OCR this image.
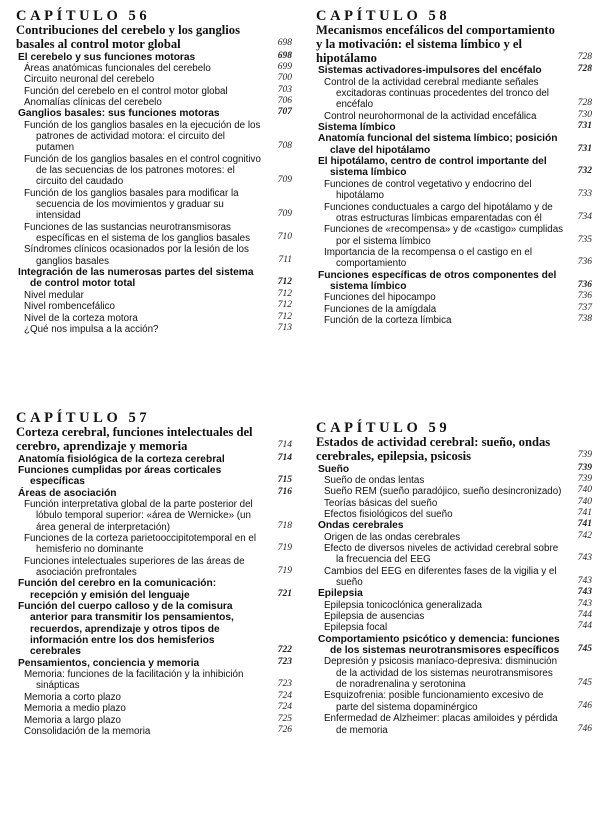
CAPÍTULO 56
Contribuciones del cerebelo y los ganglios basales al control motor global	698
El cerebelo y sus funciones motoras	698
Áreas anatómicas funcionales del cerebelo	699
Circuito neuronal del cerebelo	700
Función del cerebelo en el control motor global	703
Anomalías clínicas del cerebelo	706
Ganglios basales: sus funciones motoras	707
Función de los ganglios basales en la ejecución de los patrones de actividad motora: el circuito del putamen	708
Función de los ganglios basales en el control cognitivo de las secuencias de los patrones motores: el circuito del caudado	709
Función de los ganglios basales para modificar la secuencia de los movimientos y graduar su intensidad	709
Funciones de las sustancias neurotransmisoras específicas en el sistema de los ganglios basales	710
Síndromes clínicos ocasionados por la lesión de los ganglios basales	711
Integración de las numerosas partes del sistema de control motor total	712
Nivel medular	712
Nivel rombencefálico	712
Nivel de la corteza motora	712
¿Qué nos impulsa a la acción?	713
CAPÍTULO 57
Corteza cerebral, funciones intelectuales del cerebro, aprendizaje y memoria	714
Anatomía fisiológica de la corteza cerebral	714
Funciones cumplidas por áreas corticales específicas	715
Áreas de asociación	716
Función interpretativa global de la parte posterior del lóbulo temporal superior: «área de Wernicke» (un área general de interpretación)	718
Funciones de la corteza parietooccipitotemporal en el hemisferio no dominante	719
Funciones intelectuales superiores de las áreas de asociación prefrontales	719
Función del cerebro en la comunicación: recepción y emisión del lenguaje	721
Función del cuerpo calloso y de la comisura anterior para transmitir los pensamientos, recuerdos, aprendizaje y otros tipos de información entre los dos hemisferios cerebrales	722
Pensamientos, conciencia y memoria	723
Memoria: funciones de la facilitación y la inhibición sinápticas	723
Memoria a corto plazo	724
Memoria a medio plazo	724
Memoria a largo plazo	725
Consolidación de la memoria	726
CAPÍTULO 58
Mecanismos encefálicos del comportamiento y la motivación: el sistema límbico y el hipotálamo	728
Sistemas activadores-impulsores del encéfalo	728
Control de la actividad cerebral mediante señales excitadoras continuas procedentes del tronco del encéfalo	728
Control neurohormonal de la actividad encefálica	730
Sistema límbico	731
Anatomía funcional del sistema límbico; posición clave del hipotálamo	731
El hipotálamo, centro de control importante del sistema límbico	732
Funciones de control vegetativo y endocrino del hipotálamo	733
Funciones conductuales a cargo del hipotálamo y de otras estructuras límbicas emparentadas con él	734
Funciones de «recompensa» y de «castigo» cumplidas por el sistema límbico	735
Importancia de la recompensa o el castigo en el comportamiento	736
Funciones específicas de otros componentes del sistema límbico	736
Funciones del hipocampo	736
Funciones de la amígdala	737
Función de la corteza límbica	738
CAPÍTULO 59
Estados de actividad cerebral: sueño, ondas cerebrales, epilepsia, psicosis	739
Sueño	739
Sueño de ondas lentas	739
Sueño REM (sueño paradójico, sueño desincronizado) 740
Teorías básicas del sueño	740
Efectos fisiológicos del sueño	741
Ondas cerebrales	741
Origen de las ondas cerebrales	742
Efecto de diversos niveles de actividad cerebral sobre la frecuencia del EEG	743
Cambios del EEG en diferentes fases de la vigilia y el sueño	743
Epilepsia	743
Epilepsia tonicoclónica generalizada	743
Epilepsia de ausencias	744
Epilepsia focal	744
Comportamiento psicótico y demencia: funciones de los sistemas neurotransmisores específicos	745
Depresión y psicosis maníaco-depresiva: disminución de la actividad de los sistemas neurotransmisores de noradrenalina y serotonina	745
Esquizofrenia: posible funcionamiento excesivo de parte del sistema dopaminérgico	746
Enfermedad de Alzheimer: placas amiloides y pérdida de memoria	746
